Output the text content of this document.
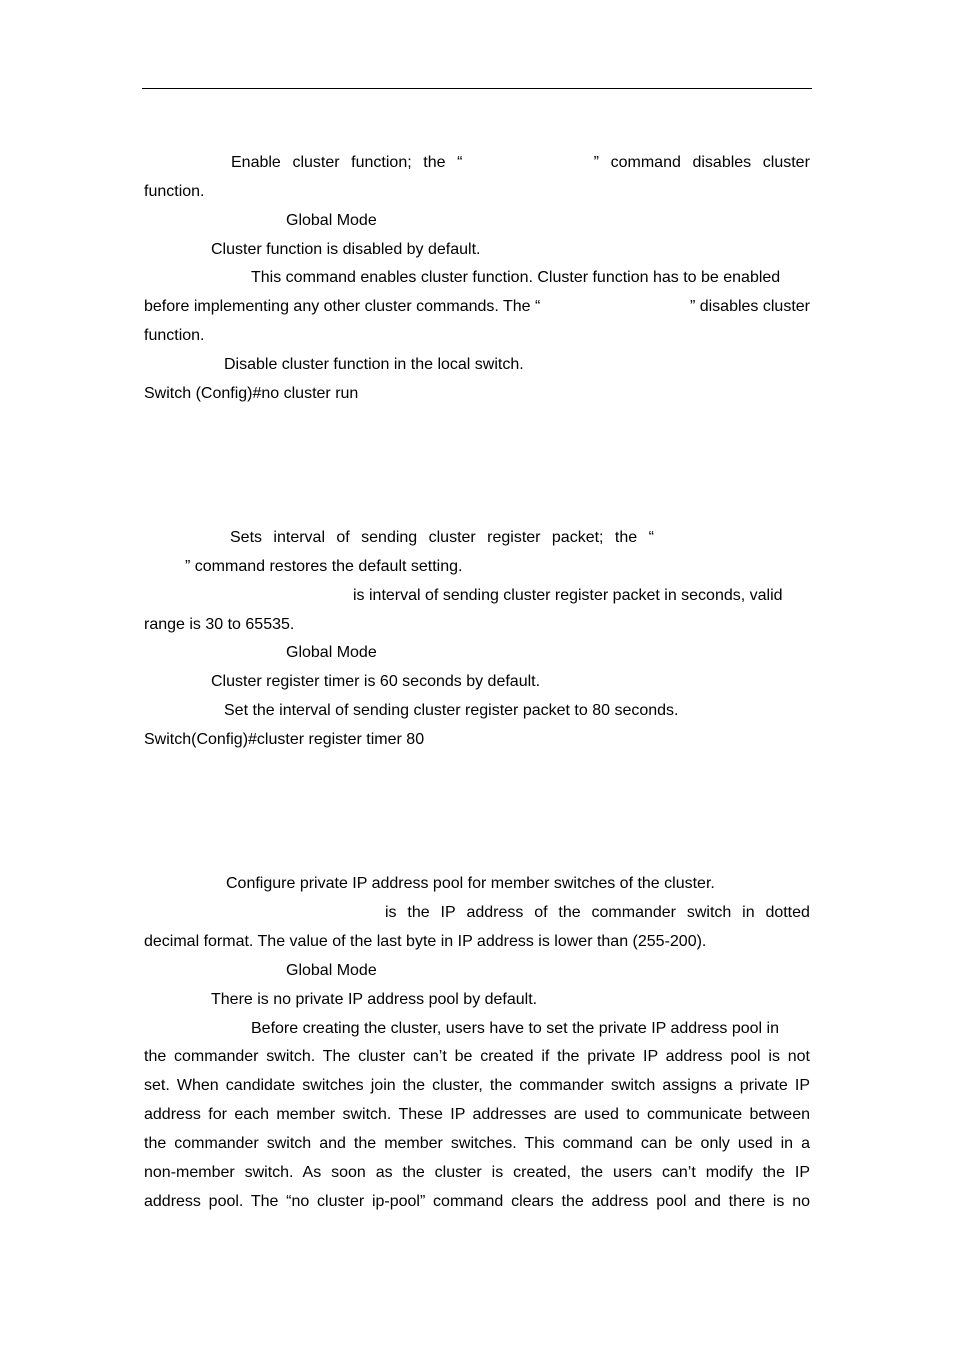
Enable cluster function; the “	” command disables cluster
function.
Global Mode
Cluster function is disabled by default.
This command enables cluster function. Cluster function has to be enabled
before implementing any other cluster commands. The “	” disables cluster
function.
Disable cluster function in the local switch.
Switch (Config)#no cluster run
Sets interval of sending cluster register packet; the “
” command restores the default setting.
is interval of sending cluster register packet in seconds, valid
range is 30 to 65535.
Global Mode
Cluster register timer is 60 seconds by default.
Set the interval of sending cluster register packet to 80 seconds.
Switch(Config)#cluster register timer 80
Configure private IP address pool for member switches of the cluster.
is the IP address of the commander switch in dotted
decimal format. The value of the last byte in IP address is lower than (255-200).
Global Mode
There is no private IP address pool by default.
Before creating the cluster, users have to set the private IP address pool in
the commander switch. The cluster can’t be created if the private IP address pool is not
set. When candidate switches join the cluster, the commander switch assigns a private IP
address for each member switch. These IP addresses are used to communicate between
the commander switch and the member switches. This command can be only used in a
non-member switch. As soon as the cluster is created, the users can’t modify the IP
address pool. The “no cluster ip-pool” command clears the address pool and there is no
